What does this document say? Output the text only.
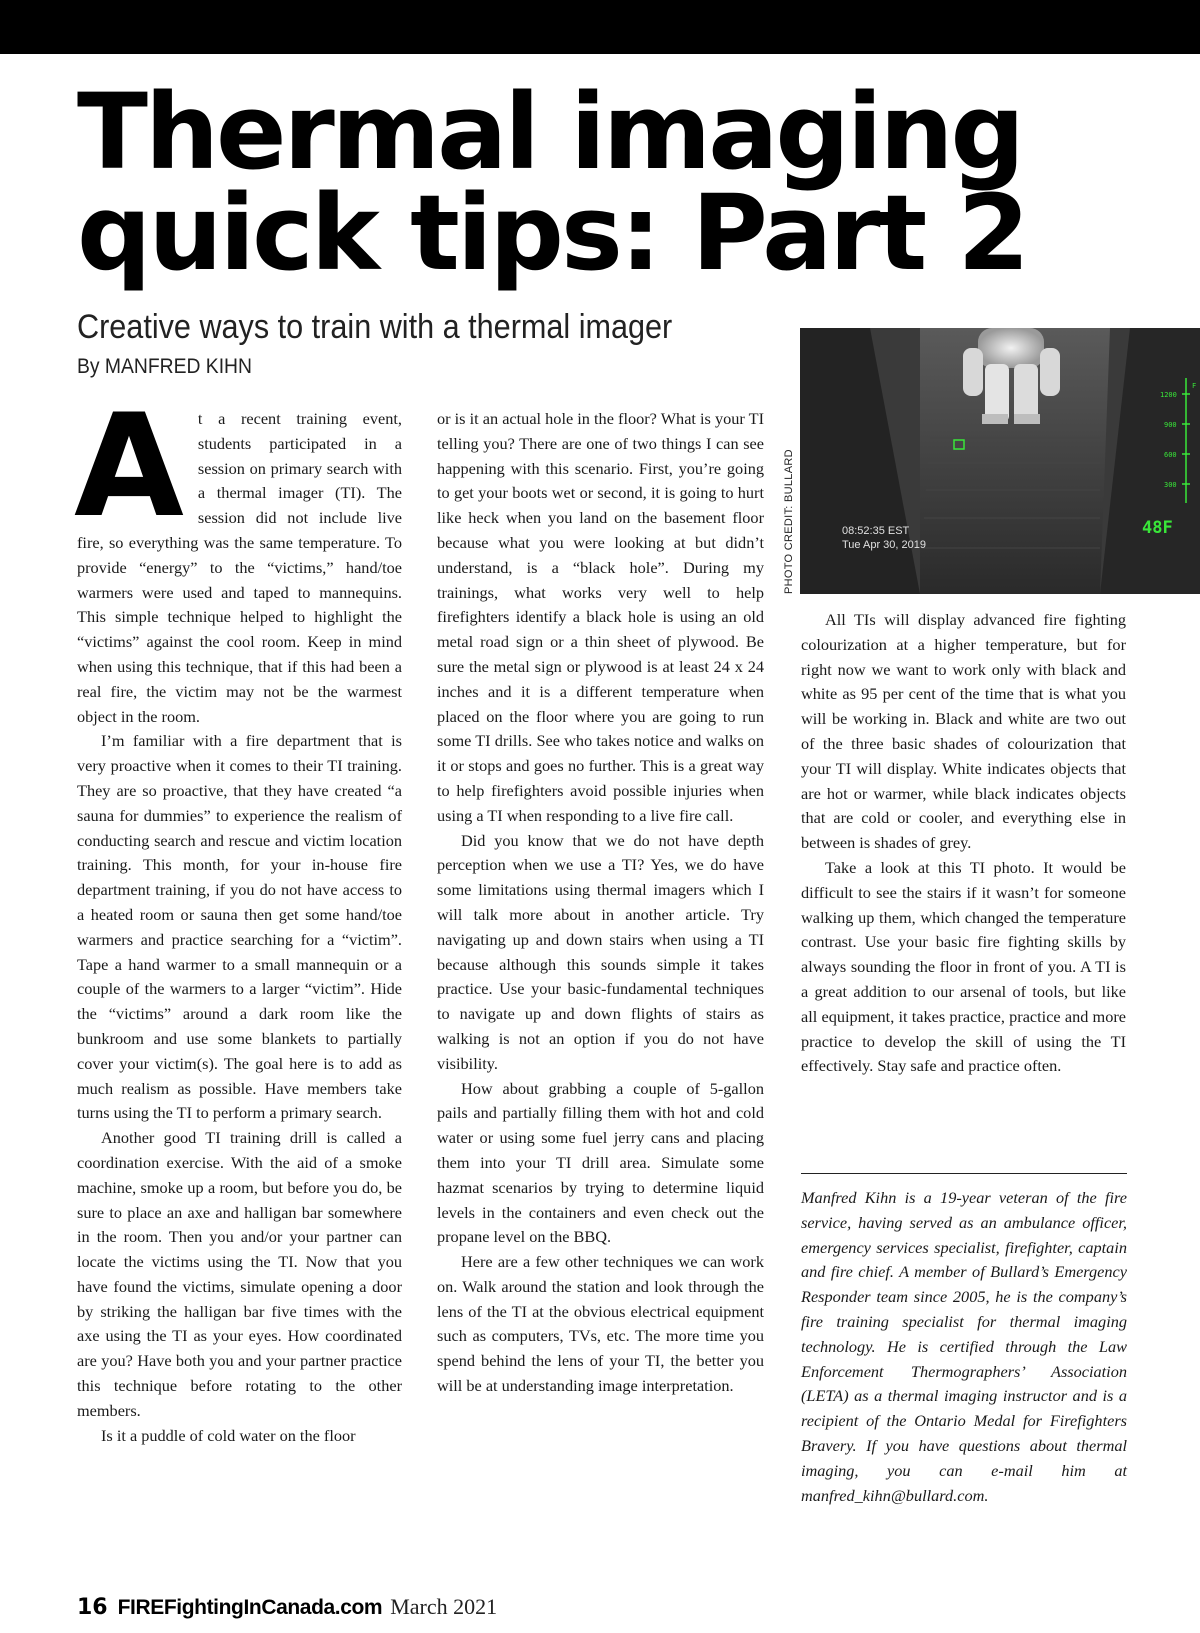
Thermal imaging
quick tips: Part 2
Creative ways to train with a thermal imager
By MANFRED KIHN
A t a recent training event, students participated in a session on primary search with a thermal imager (TI). The session did not include live fire, so everything was the same temperature. To provide “energy” to the “victims,” hand/toe warmers were used and taped to mannequins. This simple technique helped to highlight the “victims” against the cool room. Keep in mind when using this technique, that if this had been a real fire, the victim may not be the warmest object in the room.

I’m familiar with a fire department that is very proactive when it comes to their TI training. They are so proactive, that they have created “a sauna for dummies” to experience the realism of conducting search and rescue and victim location training. This month, for your in-house fire department training, if you do not have access to a heated room or sauna then get some hand/toe warmers and practice searching for a “victim”. Tape a hand warmer to a small mannequin or a couple of the warmers to a larger “victim”. Hide the “victims” around a dark room like the bunkroom and use some blankets to partially cover your victim(s). The goal here is to add as much realism as possible. Have members take turns using the TI to perform a primary search.

Another good TI training drill is called a coordination exercise. With the aid of a smoke machine, smoke up a room, but before you do, be sure to place an axe and halligan bar somewhere in the room. Then you and/or your partner can locate the victims using the TI. Now that you have found the victims, simulate opening a door by striking the halligan bar five times with the axe using the TI as your eyes. How coordinated are you? Have both you and your partner practice this technique before rotating to the other members.

Is it a puddle of cold water on the floor

or is it an actual hole in the floor? What is your TI telling you? There are one of two things I can see happening with this scenario. First, you’re going to get your boots wet or second, it is going to hurt like heck when you land on the basement floor because what you were looking at but didn’t understand, is a “black hole”. During my trainings, what works very well to help firefighters identify a black hole is using an old metal road sign or a thin sheet of plywood. Be sure the metal sign or plywood is at least 24 x 24 inches and it is a different temperature when placed on the floor where you are going to run some TI drills. See who takes notice and walks on it or stops and goes no further. This is a great way to help firefighters avoid possible injuries when using a TI when responding to a live fire call.

Did you know that we do not have depth perception when we use a TI? Yes, we do have some limitations using thermal imagers which I will talk more about in another article. Try navigating up and down stairs when using a TI because although this sounds simple it takes practice. Use your basic-fundamental techniques to navigate up and down flights of stairs as walking is not an option if you do not have visibility.

How about grabbing a couple of 5-gallon pails and partially filling them with hot and cold water or using some fuel jerry cans and placing them into your TI drill area. Simulate some hazmat scenarios by trying to determine liquid levels in the containers and even check out the propane level on the BBQ.

Here are a few other techniques we can work on. Walk around the station and look through the lens of the TI at the obvious electrical equipment such as computers, TVs, etc. The more time you spend behind the lens of your TI, the better you will be at understanding image interpretation.

F
1200
900
600
300
48F
08:52:35 EST
Tue Apr 30, 2019
PHOTO CREDIT: BULLARD

All TIs will display advanced fire fighting colourization at a higher temperature, but for right now we want to work only with black and white as 95 per cent of the time that is what you will be working in. Black and white are two out of the three basic shades of colourization that your TI will display. White indicates objects that are hot or warmer, while black indicates objects that are cold or cooler, and everything else in between is shades of grey.

Take a look at this TI photo. It would be difficult to see the stairs if it wasn’t for someone walking up them, which changed the temperature contrast. Use your basic fire fighting skills by always sounding the floor in front of you. A TI is a great addition to our arsenal of tools, but like all equipment, it takes practice, practice and more practice to develop the skill of using the TI effectively. Stay safe and practice often.

Manfred Kihn is a 19-year veteran of the fire service, having served as an ambulance officer, emergency services specialist, firefighter, captain and fire chief. A member of Bullard’s Emergency Responder team since 2005, he is the company’s fire training specialist for thermal imaging technology. He is certified through the Law Enforcement Thermographers’ Association (LETA) as a thermal imaging instructor and is a recipient of the Ontario Medal for Firefighters Bravery. If you have questions about thermal imaging, you can e-mail him at manfred_kihn@bullard.com.

16 FIREFightingInCanada.com March 2021
